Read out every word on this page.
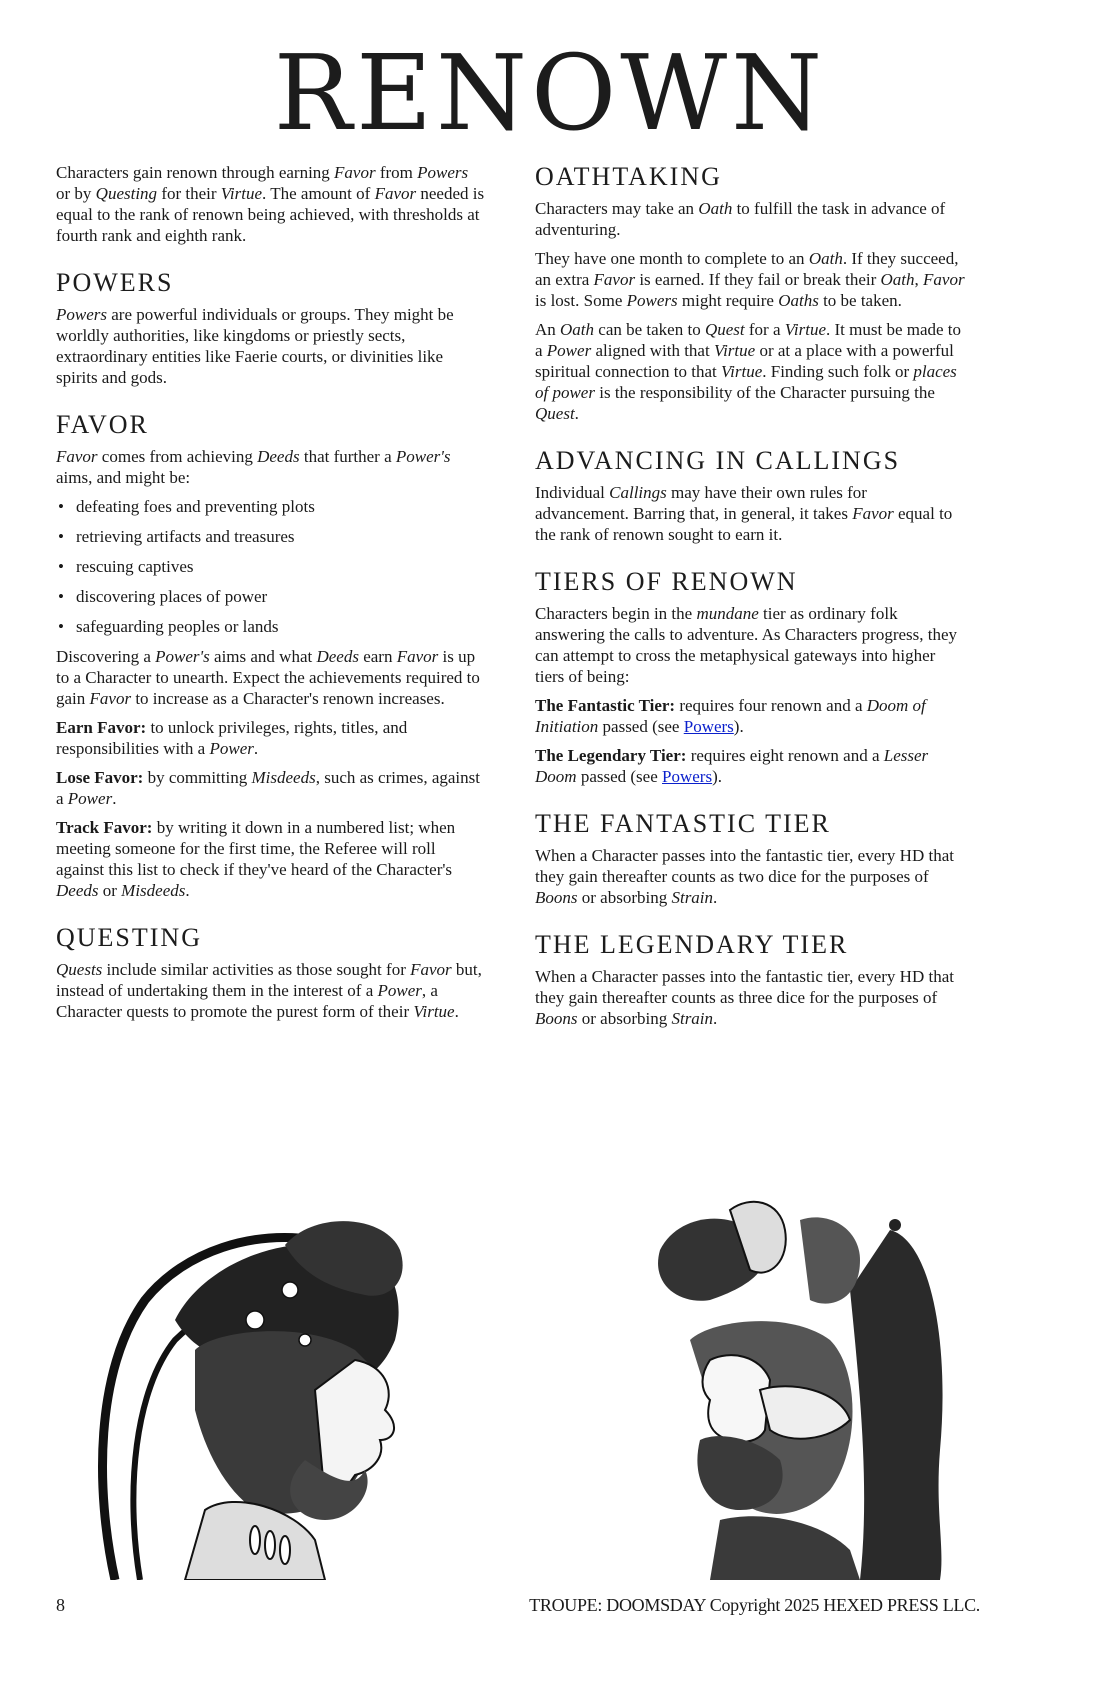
RENOWN

Characters gain renown through earning Favor from Powers or by Questing for their Virtue. The amount of Favor needed is equal to the rank of renown being achieved, with thresholds at fourth rank and eighth rank.

POWERS

Powers are powerful individuals or groups. They might be worldly authorities, like kingdoms or priestly sects, extraordinary entities like Faerie courts, or divinities like spirits and gods.

FAVOR

Favor comes from achieving Deeds that further a Power's aims, and might be:

• defeating foes and preventing plots
• retrieving artifacts and treasures
• rescuing captives
• discovering places of power
• safeguarding peoples or lands

Discovering a Power's aims and what Deeds earn Favor is up to a Character to unearth. Expect the achievements required to gain Favor to increase as a Character's renown increases.

Earn Favor: to unlock privileges, rights, titles, and responsibilities with a Power.

Lose Favor: by committing Misdeeds, such as crimes, against a Power.

Track Favor: by writing it down in a numbered list; when meeting someone for the first time, the Referee will roll against this list to check if they've heard of the Character's Deeds or Misdeeds.

QUESTING

Quests include similar activities as those sought for Favor but, instead of undertaking them in the interest of a Power, a Character quests to promote the purest form of their Virtue.

OATHTAKING

Characters may take an Oath to fulfill the task in advance of adventuring.

They have one month to complete to an Oath. If they succeed, an extra Favor is earned. If they fail or break their Oath, Favor is lost. Some Powers might require Oaths to be taken.

An Oath can be taken to Quest for a Virtue. It must be made to a Power aligned with that Virtue or at a place with a powerful spiritual connection to that Virtue. Finding such folk or places of power is the responsibility of the Character pursuing the Quest.

ADVANCING IN CALLINGS

Individual Callings may have their own rules for advancement. Barring that, in general, it takes Favor equal to the rank of renown sought to earn it.

TIERS OF RENOWN

Characters begin in the mundane tier as ordinary folk answering the calls to adventure. As Characters progress, they can attempt to cross the metaphysical gateways into higher tiers of being:

The Fantastic Tier: requires four renown and a Doom of Initiation passed (see Powers).

The Legendary Tier: requires eight renown and a Lesser Doom passed (see Powers).

THE FANTASTIC TIER

When a Character passes into the fantastic tier, every HD that they gain thereafter counts as two dice for the purposes of Boons or absorbing Strain.

THE LEGENDARY TIER

When a Character passes into the fantastic tier, every HD that they gain thereafter counts as three dice for the purposes of Boons or absorbing Strain.

8	TROUPE: DOOMSDAY Copyright 2025 HEXED PRESS LLC.
